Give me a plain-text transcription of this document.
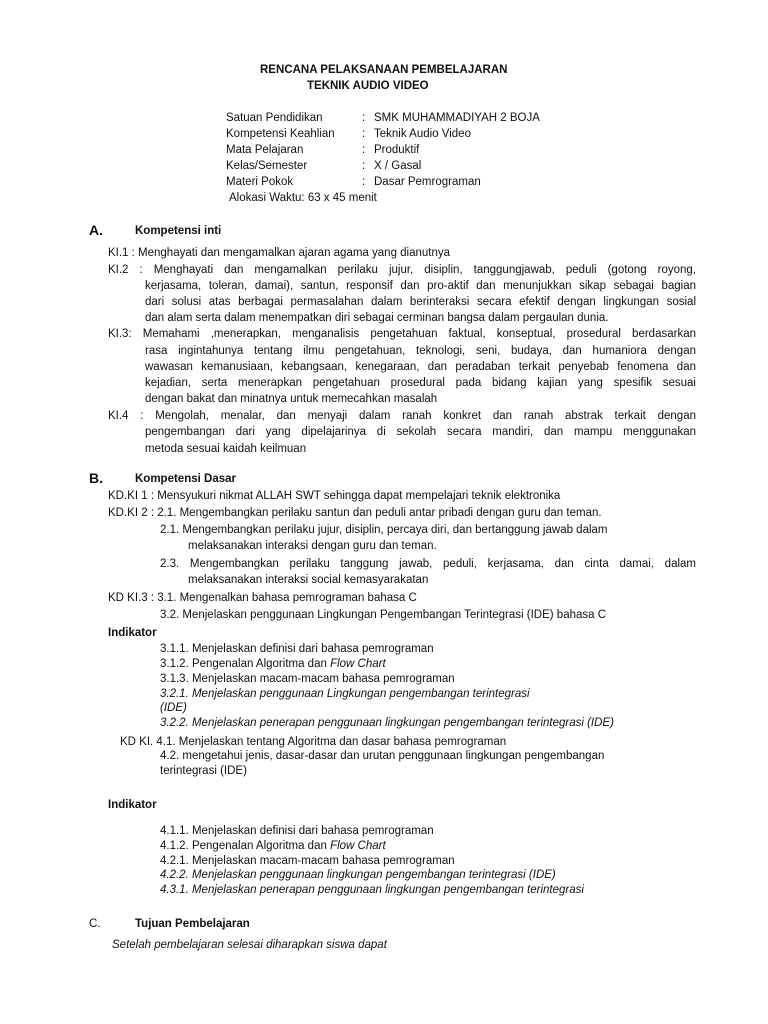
RENCANA PELAKSANAAN PEMBELAJARAN
TEKNIK AUDIO VIDEO
Satuan Pendidikan	: SMK MUHAMMADIYAH 2 BOJA
Kompetensi Keahlian : Teknik Audio Video
Mata Pelajaran	: Produktif
Kelas/Semester	: X / Gasal
Materi Pokok	: Dasar Pemrograman
Alokasi Waktu: 63 x 45 menit
A.	Kompetensi inti
KI.1 : Menghayati dan mengamalkan ajaran agama yang dianutnya
KI.2 : Menghayati dan mengamalkan perilaku jujur, disiplin, tanggungjawab, peduli (gotong royong,
kerjasama, toleran, damai), santun, responsif dan pro-aktif dan menunjukkan sikap sebagai bagian
dari solusi atas berbagai permasalahan dalam berinteraksi secara efektif dengan lingkungan sosial
dan alam serta dalam menempatkan diri sebagai cerminan bangsa dalam pergaulan dunia.
KI.3: Memahami ,menerapkan, menganalisis pengetahuan faktual, konseptual, prosedural berdasarkan
rasa ingintahunya tentang ilmu pengetahuan, teknologi, seni, budaya, dan humaniora dengan
wawasan kemanusiaan, kebangsaan, kenegaraan, dan peradaban terkait penyebab fenomena dan
kejadian, serta menerapkan pengetahuan prosedural pada bidang kajian yang spesifik sesuai
dengan bakat dan minatnya untuk memecahkan masalah
KI.4 : Mengolah, menalar, dan menyaji dalam ranah konkret dan ranah abstrak terkait dengan
pengembangan dari yang dipelajarinya di sekolah secara mandiri, dan mampu menggunakan
metoda sesuai kaidah keilmuan
B.	Kompetensi Dasar
KD.KI 1 : Mensyukuri nikmat ALLAH SWT sehingga dapat mempelajari teknik elektronika
KD.KI 2 : 2.1. Mengembangkan perilaku santun dan peduli antar pribadi dengan guru dan teman.
2.1. Mengembangkan perilaku jujur, disiplin, percaya diri, dan bertanggung jawab dalam
melaksanakan interaksi dengan guru dan teman.
2.3. Mengembangkan perilaku tanggung jawab, peduli, kerjasama, dan cinta damai, dalam
melaksanakan interaksi social kemasyarakatan
KD KI.3 : 3.1. Mengenalkan bahasa pemrograman bahasa C
3.2. Menjelaskan penggunaan Lingkungan Pengembangan Terintegrasi (IDE) bahasa C
Indikator
3.1.1. Menjelaskan definisi dari bahasa pemrograman
3.1.2. Pengenalan Algoritma dan Flow Chart
3.1.3. Menjelaskan macam-macam bahasa pemrograman
3.2.1. Menjelaskan penggunaan Lingkungan pengembangan terintegrasi
(IDE)
3.2.2. Menjelaskan penerapan penggunaan lingkungan pengembangan terintegrasi (IDE)
KD KI. 4.1. Menjelaskan tentang Algoritma dan dasar bahasa pemrograman
4.2. mengetahui jenis, dasar-dasar dan urutan penggunaan lingkungan pengembangan
terintegrasi (IDE)
Indikator
4.1.1. Menjelaskan definisi dari bahasa pemrograman
4.1.2. Pengenalan Algoritma dan Flow Chart
4.2.1. Menjelaskan macam-macam bahasa pemrograman
4.2.2. Menjelaskan penggunaan lingkungan pengembangan terintegrasi (IDE)
4.3.1. Menjelaskan penerapan penggunaan lingkungan pengembangan terintegrasi
C.	Tujuan Pembelajaran
Setelah pembelajaran selesai diharapkan siswa dapat
